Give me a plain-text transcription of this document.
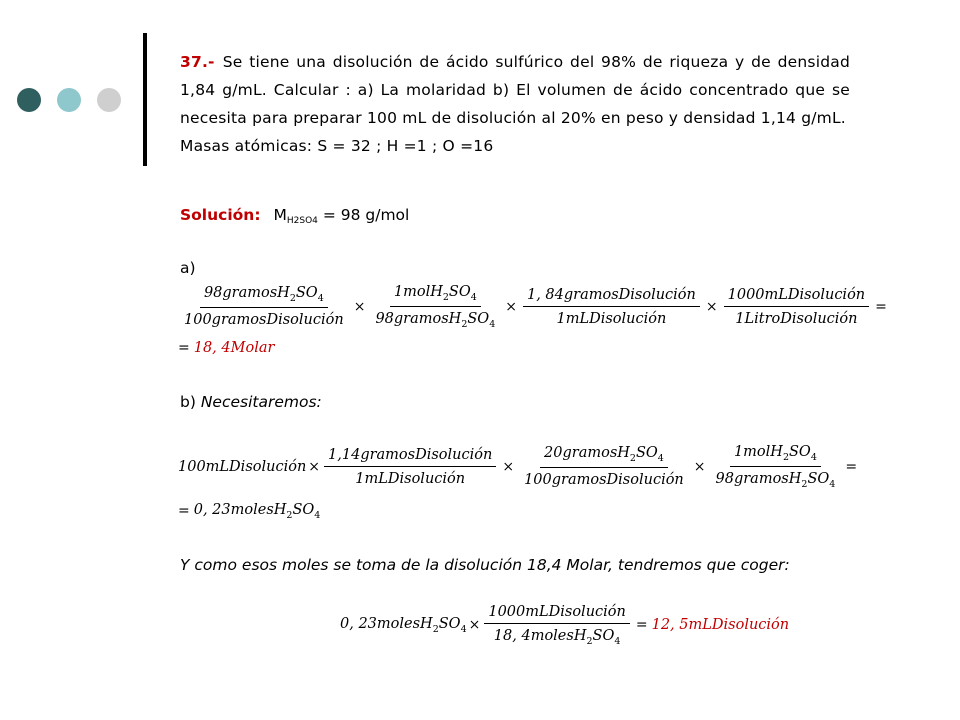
37.- Se tiene una disolución de ácido sulfúrico del 98% de riqueza y de densidad 1,84 g/mL. Calcular : a) La molaridad b) El volumen de ácido concentrado que se necesita para preparar 100 mL de disolución al 20% en peso y densidad 1,14 g/mL.
Masas atómicas: S = 32 ; H =1 ; O =16
Solución: $M_{H2SO4} = 98$ g/mol
a)
$\frac{98gramosH_2SO_4}{\text{100gramosDisolución}} \times \frac{1molH_2SO_4}{98gramosH_2SO_4} \times \frac{\text{1, 84gramosDisolución}}{\text{1mLDisolución}} \times \frac{\text{1000mLDisolución}}{\text{1LitroDisolución}}$ =
= 18, 4Molar
b) Necesitaremos:
100mLDisolución × $\frac{\text{1,14gramosDisolución}}{\text{1mLDisolución}} \times \frac{20gramosH_2SO_4}{\text{100gramosDisolución}} \times \frac{1molH_2SO_4}{98gramosH_2SO_4}$ =
= 0, $23molesH_2SO_4$
Y como esos moles se toma de la disolución 18,4 Molar, tendremos que coger:
0, $23molesH_2SO_4 \times \frac{\text{1000mLDisolución}}{18, 4molesH_2SO_4} = 12$, 5mLDisolución
